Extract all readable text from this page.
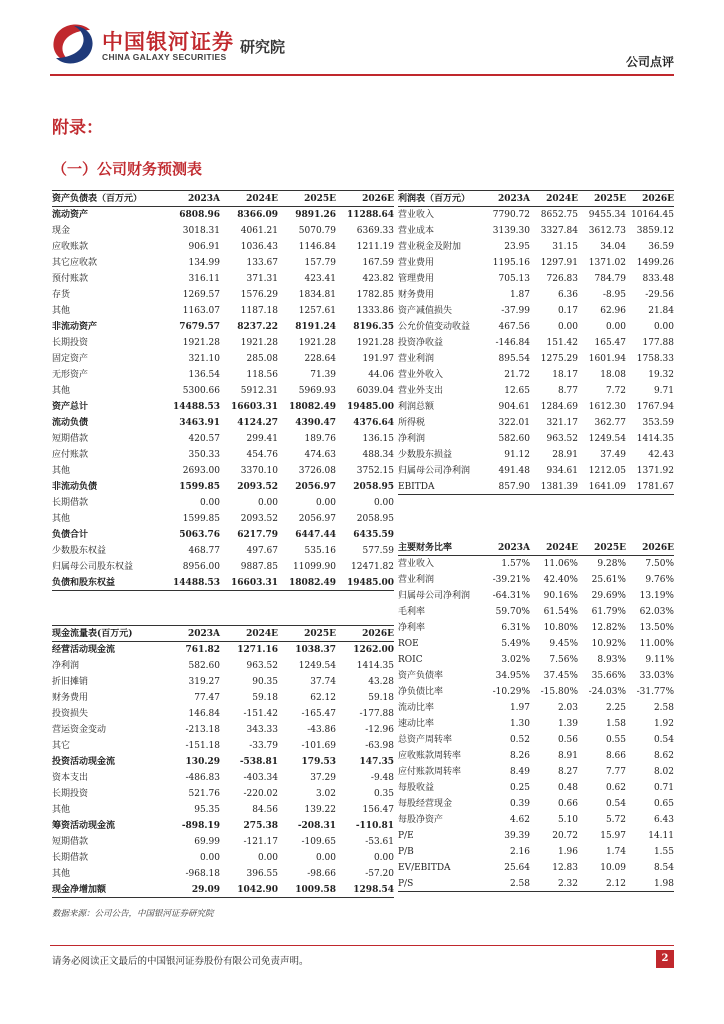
中国银河证券
CHINA GALAXY SECURITIES
研究院
公司点评
附录：
（一）公司财务预测表
资产负债表（百万元）	2023A	2024E	2025E	2026E
流动资产	6808.96	8366.09	9891.26	11288.64
现金	3018.31	4061.21	5070.79	6369.33
应收账款	906.91	1036.43	1146.84	1211.19
其它应收款	134.99	133.67	157.79	167.59
预付账款	316.11	371.31	423.41	423.82
存货	1269.57	1576.29	1834.81	1782.85
其他	1163.07	1187.18	1257.61	1333.86
非流动资产	7679.57	8237.22	8191.24	8196.35
长期投资	1921.28	1921.28	1921.28	1921.28
固定资产	321.10	285.08	228.64	191.97
无形资产	136.54	118.56	71.39	44.06
其他	5300.66	5912.31	5969.93	6039.04
资产总计	14488.53	16603.31	18082.49	19485.00
流动负债	3463.91	4124.27	4390.47	4376.64
短期借款	420.57	299.41	189.76	136.15
应付账款	350.33	454.76	474.63	488.34
其他	2693.00	3370.10	3726.08	3752.15
非流动负债	1599.85	2093.52	2056.97	2058.95
长期借款	0.00	0.00	0.00	0.00
其他	1599.85	2093.52	2056.97	2058.95
负债合计	5063.76	6217.79	6447.44	6435.59
少数股东权益	468.77	497.67	535.16	577.59
归属母公司股东权益	8956.00	9887.85	11099.90	12471.82
负债和股东权益	14488.53	16603.31	18082.49	19485.00
利润表（百万元）	2023A	2024E	2025E	2026E
营业收入	7790.72	8652.75	9455.34 10164.45
营业成本	3139.30	3327.84	3612.73	3859.12
营业税金及附加	23.95	31.15	34.04	36.59
营业费用	1195.16	1297.91	1371.02	1499.26
管理费用	705.13	726.83	784.79	833.48
财务费用	1.87	6.36	-8.95	-29.56
资产减值损失	-37.99	0.17	62.96	21.84
公允价值变动收益	467.56	0.00	0.00	0.00
投资净收益	-146.84	151.42	165.47	177.88
营业利润	895.54	1275.29	1601.94	1758.33
营业外收入	21.72	18.17	18.08	19.32
营业外支出	12.65	8.77	7.72	9.71
利润总额	904.61	1284.69	1612.30	1767.94
所得税	322.01	321.17	362.77	353.59
净利润	582.60	963.52	1249.54	1414.35
少数股东损益	91.12	28.91	37.49	42.43
归属母公司净利润	491.48	934.61	1212.05	1371.92
EBITDA	857.90	1381.39	1641.09	1781.67
主要财务比率	2023A	2024E	2025E	2026E
营业收入	1.57%	11.06%	9.28%	7.50%
营业利润	-39.21%	42.40%	25.61%	9.76%
归属母公司净利润	-64.31%	90.16%	29.69%	13.19%
毛利率	59.70%	61.54%	61.79%	62.03%
净利率	6.31%	10.80%	12.82%	13.50%
ROE	5.49%	9.45%	10.92%	11.00%
ROIC	3.02%	7.56%	8.93%	9.11%
资产负债率	34.95%	37.45%	35.66%	33.03%
净负债比率	-10.29%	-15.80%	-24.03%	-31.77%
流动比率	1.97	2.03	2.25	2.58
速动比率	1.30	1.39	1.58	1.92
总资产周转率	0.52	0.56	0.55	0.54
应收账款周转率	8.26	8.91	8.66	8.62
应付账款周转率	8.49	8.27	7.77	8.02
每股收益	0.25	0.48	0.62	0.71
每股经营现金	0.39	0.66	0.54	0.65
每股净资产	4.62	5.10	5.72	6.43
P/E	39.39	20.72	15.97	14.11
P/B	2.16	1.96	1.74	1.55
EV/EBITDA	25.64	12.83	10.09	8.54
P/S	2.58	2.32	2.12	1.98
现金流量表(百万元)	2023A	2024E	2025E	2026E
经营活动现金流	761.82	1271.16	1038.37	1262.00
净利润	582.60	963.52	1249.54	1414.35
折旧摊销	319.27	90.35	37.74	43.28
财务费用	77.47	59.18	62.12	59.18
投资损失	146.84	-151.42	-165.47	-177.88
营运资金变动	-213.18	343.33	-43.86	-12.96
其它	-151.18	-33.79	-101.69	-63.98
投资活动现金流	130.29	-538.81	179.53	147.35
资本支出	-486.83	-403.34	37.29	-9.48
长期投资	521.76	-220.02	3.02	0.35
其他	95.35	84.56	139.22	156.47
筹资活动现金流	-898.19	275.38	-208.31	-110.81
短期借款	69.99	-121.17	-109.65	-53.61
长期借款	0.00	0.00	0.00	0.00
其他	-968.18	396.55	-98.66	-57.20
现金净增加额	29.09	1042.90	1009.58	1298.54
数据来源：公司公告，中国银河证券研究院
请务必阅读正文最后的中国银河证券股份有限公司免责声明。	2
